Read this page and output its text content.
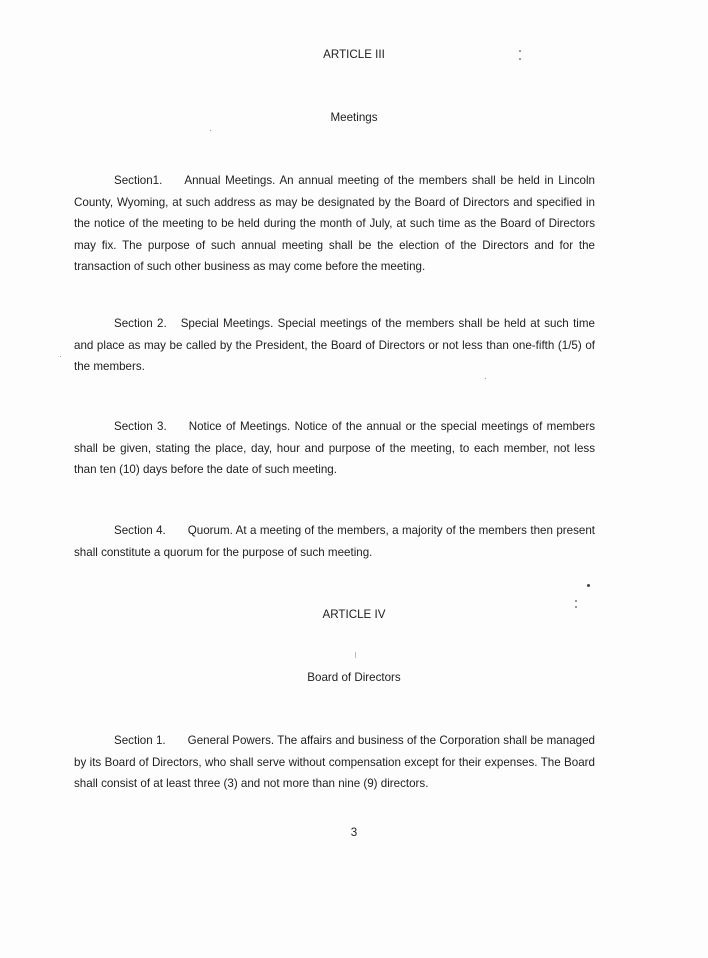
ARTICLE III
Meetings
Section1. Annual Meetings. An annual meeting of the members shall be held in Lincoln County, Wyoming, at such address as may be designated by the Board of Directors and specified in the notice of the meeting to be held during the month of July, at such time as the Board of Directors may fix. The purpose of such annual meeting shall be the election of the Directors and for the transaction of such other business as may come before the meeting.
Section 2. Special Meetings. Special meetings of the members shall be held at such time and place as may be called by the President, the Board of Directors or not less than one-fifth (1/5) of the members.
Section 3. Notice of Meetings. Notice of the annual or the special meetings of members shall be given, stating the place, day, hour and purpose of the meeting, to each member, not less than ten (10) days before the date of such meeting.
Section 4. Quorum. At a meeting of the members, a majority of the members then present shall constitute a quorum for the purpose of such meeting.
ARTICLE IV
Board of Directors
Section 1. General Powers. The affairs and business of the Corporation shall be managed by its Board of Directors, who shall serve without compensation except for their expenses. The Board shall consist of at least three (3) and not more than nine (9) directors.
3
